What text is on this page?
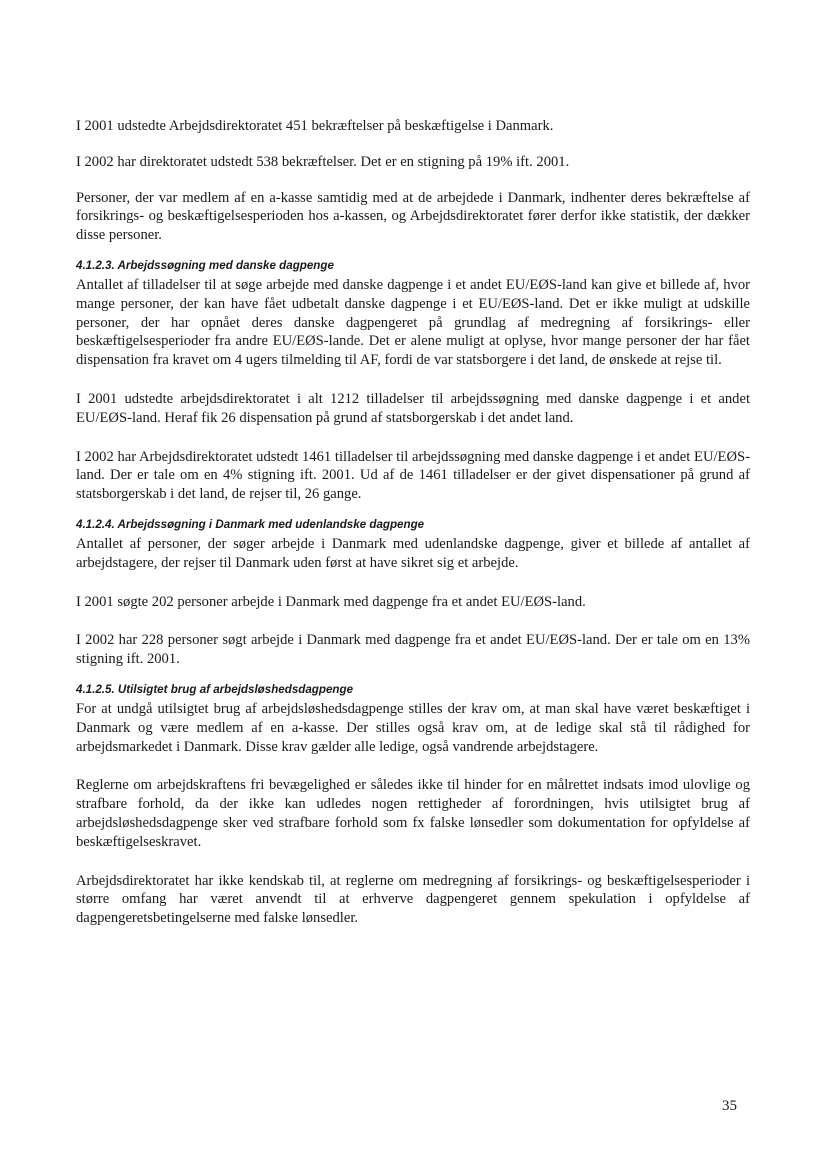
I 2001 udstedte Arbejdsdirektoratet 451 bekræftelser på beskæftigelse i Danmark.

I 2002 har direktoratet udstedt 538 bekræftelser. Det er en stigning på 19% ift. 2001.

Personer, der var medlem af en a-kasse samtidig med at de arbejdede i Danmark, indhenter deres bekræftelse af forsikrings- og beskæftigelsesperioden hos a-kassen, og Arbejdsdirektoratet fører derfor ikke statistik, der dækker disse personer.

4.1.2.3. Arbejdssøgning med danske dagpenge

Antallet af tilladelser til at søge arbejde med danske dagpenge i et andet EU/EØS-land kan give et billede af, hvor mange personer, der kan have fået udbetalt danske dagpenge i et EU/EØS-land. Det er ikke muligt at udskille personer, der har opnået deres danske dagpengeret på grundlag af medregning af forsikrings- eller beskæftigelsesperioder fra andre EU/EØS-lande. Det er alene muligt at oplyse, hvor mange personer der har fået dispensation fra kravet om 4 ugers tilmelding til AF, fordi de var statsborgere i det land, de ønskede at rejse til.

I 2001 udstedte arbejdsdirektoratet i alt 1212 tilladelser til arbejdssøgning med danske dagpenge i et andet EU/EØS-land. Heraf fik 26 dispensation på grund af statsborgerskab i det andet land.

I 2002 har Arbejdsdirektoratet udstedt 1461 tilladelser til arbejdssøgning med danske dagpenge i et andet EU/EØS-land. Der er tale om en 4% stigning ift. 2001. Ud af de 1461 tilladelser er der givet dispensationer på grund af statsborgerskab i det land, de rejser til, 26 gange.

4.1.2.4. Arbejdssøgning i Danmark med udenlandske dagpenge

Antallet af personer, der søger arbejde i Danmark med udenlandske dagpenge, giver et billede af antallet af arbejdstagere, der rejser til Danmark uden først at have sikret sig et arbejde.

I 2001 søgte 202 personer arbejde i Danmark med dagpenge fra et andet EU/EØS-land.

I 2002 har 228 personer søgt arbejde i Danmark med dagpenge fra et andet EU/EØS-land. Der er tale om en 13% stigning ift. 2001.

4.1.2.5. Utilsigtet brug af arbejdsløshedsdagpenge

For at undgå utilsigtet brug af arbejdsløshedsdagpenge stilles der krav om, at man skal have været beskæftiget i Danmark og være medlem af en a-kasse. Der stilles også krav om, at de ledige skal stå til rådighed for arbejdsmarkedet i Danmark. Disse krav gælder alle ledige, også vandrende arbejdstagere.

Reglerne om arbejdskraftens fri bevægelighed er således ikke til hinder for en målrettet indsats imod ulovlige og strafbare forhold, da der ikke kan udledes nogen rettigheder af forordningen, hvis utilsigtet brug af arbejdsløshedsdagpenge sker ved strafbare forhold som fx falske lønsedler som dokumentation for opfyldelse af beskæftigelseskravet.

Arbejdsdirektoratet har ikke kendskab til, at reglerne om medregning af forsikrings- og beskæftigelsesperioder i større omfang har været anvendt til at erhverve dagpengeret gennem spekulation i opfyldelse af dagpengeretsbetingelserne med falske lønsedler.

35
